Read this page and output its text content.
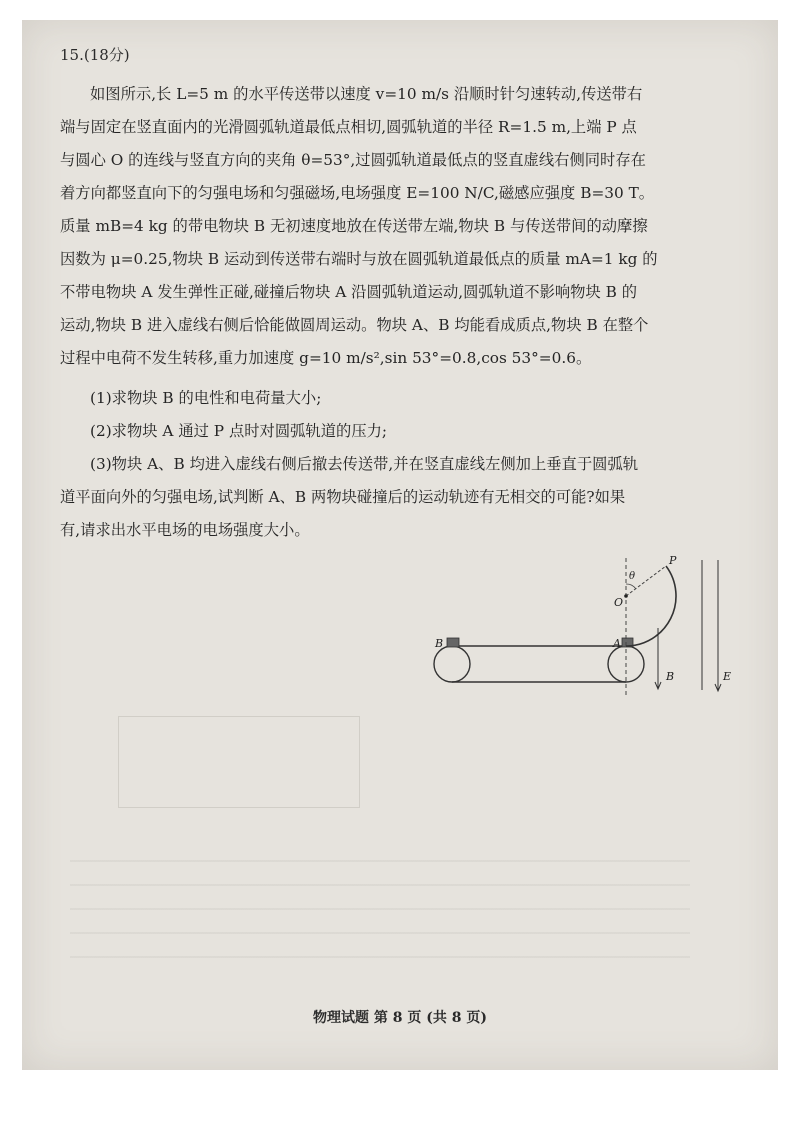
15.(18分)
如图所示,长 L=5 m 的水平传送带以速度 v=10 m/s 沿顺时针匀速转动,传送带右
端与固定在竖直面内的光滑圆弧轨道最低点相切,圆弧轨道的半径 R=1.5 m,上端 P 点
与圆心 O 的连线与竖直方向的夹角 θ=53°,过圆弧轨道最低点的竖直虚线右侧同时存在
着方向都竖直向下的匀强电场和匀强磁场,电场强度 E=100 N/C,磁感应强度 B=30 T。
质量 mB=4 kg 的带电物块 B 无初速度地放在传送带左端,物块 B 与传送带间的动摩擦
因数为 μ=0.25,物块 B 运动到传送带右端时与放在圆弧轨道最低点的质量 mA=1 kg 的
不带电物块 A 发生弹性正碰,碰撞后物块 A 沿圆弧轨道运动,圆弧轨道不影响物块 B 的
运动,物块 B 进入虚线右侧后恰能做圆周运动。物块 A、B 均能看成质点,物块 B 在整个
过程中电荷不发生转移,重力加速度 g=10 m/s²,sin 53°=0.8,cos 53°=0.6。
(1)求物块 B 的电性和电荷量大小;
(2)求物块 A 通过 P 点时对圆弧轨道的压力;
(3)物块 A、B 均进入虚线右侧后撤去传送带,并在竖直虚线左侧加上垂直于圆弧轨
道平面向外的匀强电场,试判断 A、B 两物块碰撞后的运动轨迹有无相交的可能?如果
有,请求出水平电场的电场强度大小。
B	A
θ
O
P
B	E
物理试题 第 8 页 (共 8 页)
